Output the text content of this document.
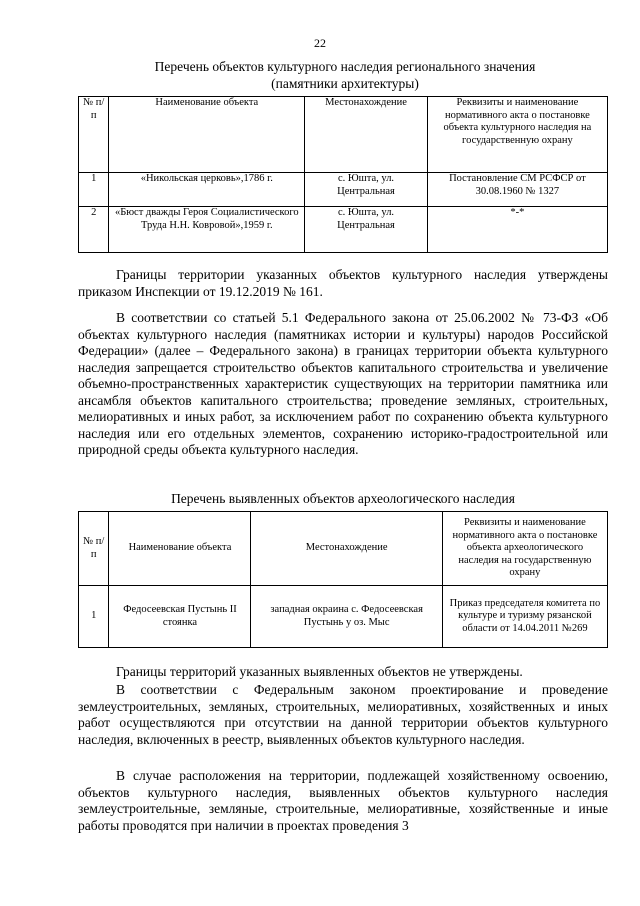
22
Перечень объектов культурного наследия регионального значения
(памятники архитектуры)
№ п/п	Наименование объекта	Местонахождение	Реквизиты и наименование нормативного акта о постановке объекта культурного наследия на государственную охрану
1	«Никольская церковь»,1786 г.	с. Юшта, ул. Центральная	Постановление СМ РСФСР от 30.08.1960 № 1327
2	«Бюст дважды Героя Социалистического Труда Н.Н. Ковровой»,1959 г.	с. Юшта, ул. Центральная	*-*

Границы территории указанных объектов культурного наследия утверждены приказом Инспекции от 19.12.2019 № 161.

В соответствии со статьей 5.1 Федерального закона от 25.06.2002 № 73-ФЗ «Об объектах культурного наследия (памятниках истории и культуры) народов Российской Федерации» (далее – Федерального закона) в границах территории объекта культурного наследия запрещается строительство объектов капитального строительства и увеличение объемно-пространственных характеристик существующих на территории памятника или ансамбля объектов капитального строительства; проведение земляных, строительных, мелиоративных и иных работ, за исключением работ по сохранению объекта культурного наследия или его отдельных элементов, сохранению историко-градостроительной или природной среды объекта культурного наследия.

Перечень выявленных объектов археологического наследия
№ п/п	Наименование объекта	Местонахождение	Реквизиты и наименование нормативного акта о постановке объекта археологического наследия на государственную охрану
1	Федосеевская Пустынь II стоянка	западная окраина с. Федосеевская Пустынь у оз. Мыс	Приказ председателя комитета по культуре и туризму рязанской области от 14.04.2011 №269

Границы территорий указанных выявленных объектов не утверждены.

В соответствии с Федеральным законом проектирование и проведение землеустроительных, земляных, строительных, мелиоративных, хозяйственных и иных работ осуществляются при отсутствии на данной территории объектов культурного наследия, включенных в реестр, выявленных объектов культурного наследия.

В случае расположения на территории, подлежащей хозяйственному освоению, объектов культурного наследия, выявленных объектов культурного наследия землеустроительные, земляные, строительные, мелиоративные, хозяйственные и иные работы проводятся при наличии в проектах проведения 3
